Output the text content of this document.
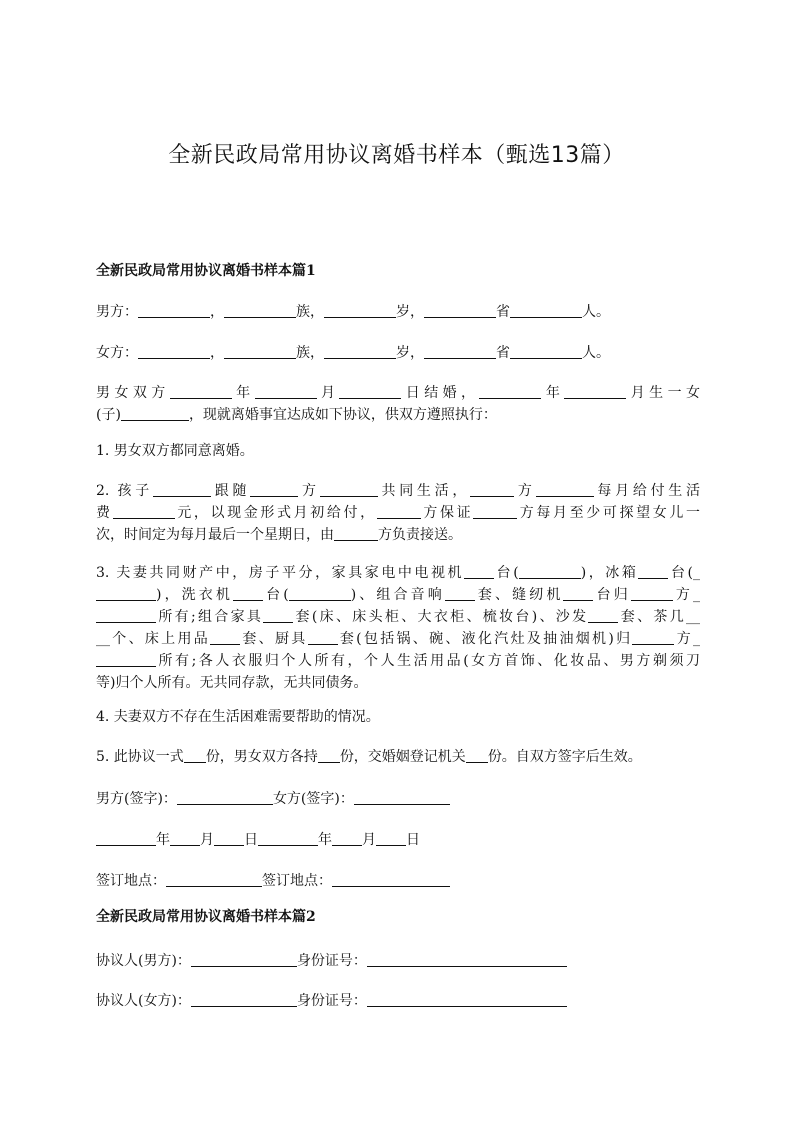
全新民政局常用协议离婚书样本（甄选13篇）
全新民政局常用协议离婚书样本篇1
男方：	，	族，	岁，	省	人。
女方：	，	族，	岁，	省	人。
男女双方	年	月	日结婚，	年	月生一女
(子)	，现就离婚事宜达成如下协议，供双方遵照执行：
1. 男女双方都同意离婚。
2. 孩子	跟随	方	共同生活，	方	每月给付生活
费	元，以现金形式月初给付，	方保证	方每月至少可探望女儿一
次，时间定为每月最后一个星期日，由	方负责接送。
3. 夫妻共同财产中，房子平分，家具家电中电视机 台(	)，冰箱 台(_
)，洗衣机 台(	)、组合音响 套、缝纫机 台归	方_
所有;组合家具 套(床、床头柜、大衣柜、梳妆台)、沙发 套、茶几__
__个、床上用品 套、厨具 套(包括锅、碗、液化汽灶及抽油烟机)归	方_
所有;各人衣服归个人所有，个人生活用品(女方首饰、化妆品、男方剃须刀
等)归个人所有。无共同存款，无共同债务。
4. 夫妻双方不存在生活困难需要帮助的情况。
5. 此协议一式 份，男女双方各持 份，交婚姻登记机关 份。自双方签字后生效。
男方(签字)：	女方(签字)：
年 月 日	年 月 日
签订地点：	签订地点：
全新民政局常用协议离婚书样本篇2
协议人(男方)：	身份证号：
协议人(女方)：	身份证号：
